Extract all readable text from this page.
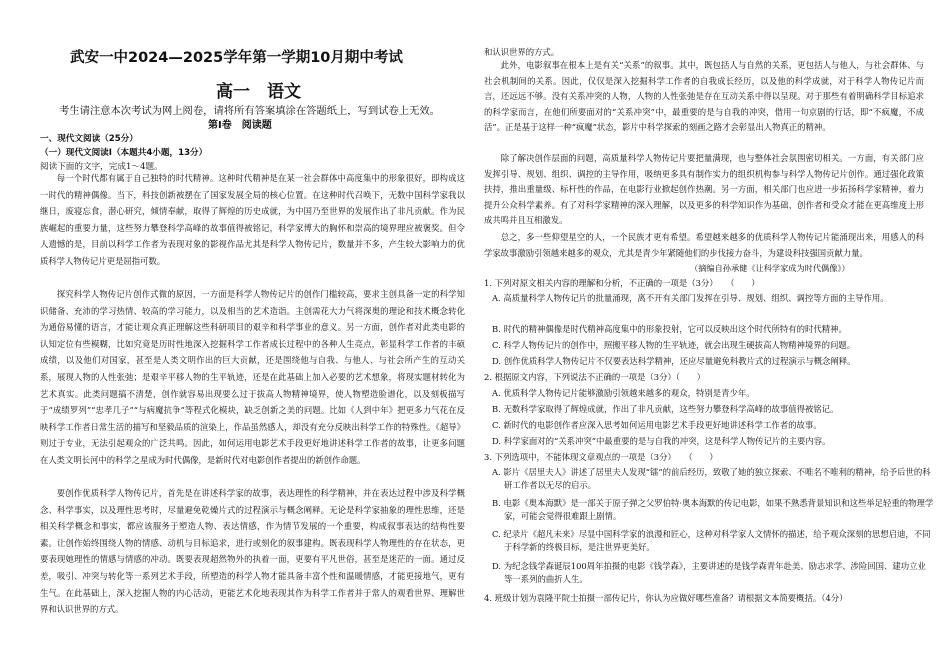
武安一中2024—2025学年第一学期10月期中考试
高一　语文
考生请注意本次考试为网上阅卷，请将所有答案填涂在答题纸上，写到试卷上无效。
第Ⅰ卷　阅读题
一、现代文阅读（25分）
（一）现代文阅读Ⅰ（本题共4小题，13分）
阅读下面的文字，完成1～4题。

每一个时代都有属于自己独特的时代精神。这种时代精神是在某一社会群体中高度集中的形象很好，即构成这一时代的精神偶像。当下，科技创新被摆在了国家发展全局的核心位置。在这种时代召唤下，无数中国科学家我以继日，废寝忘食，潜心研究，倾情奉献，取得了辉煌的历史成就，为中国乃至世界的发展作出了非凡贡献。作为民族崛起的重要力量，这些努力攀登科学高峰的故事值得被铭记，科学家博大的胸怀和崇高的境界理应被褒奖。但令人遗憾的是，目前以科学工作者为表现对象的影视作品尤其是科学人物传记片，数量并不多，产生较大影响力的优质科学人物传记片更是屈指可数。

探究科学人物传记片创作式微的原因，一方面是科学人物传记片的创作门槛较高，要求主创具备一定的科学知识储备、充沛的学习热情、较高的学习能力，以及相当的艺术造诣。主创需花大力气将深奥的理论和技术概念转化为通俗易懂的语言，才能让观众真正理解这些科研项目的艰辛和科学事业的意义。另一方面，创作者对此类电影的认知定位有些模糊，比如究竟是历时性地深入挖掘科学工作者成长过程中的各种人生亮点，彰显科学工作者的丰硕成绩，以及他们对国家，甚至是人类文明作出的巨大贡献，还是围绕他与自我、与他人、与社会所产生的互动关系，展现人物的人性张弛；是艰辛平移人物的生平轨迹，还是在此基础上加入必要的艺术想象，将现实题材转化为艺术真实。此类问题搞不清楚，创作就容易出现要么过于拔高人物精神境界，使人物塑造脸谱化，以及刻板描写于“成绩罗列”“忠孝几子”“与病魔抗争”等程式化模块，缺乏创新之美的问题。比如《人到中年》把更多力气花在反映科学工作者日常生活的描写和坚毅品质的渲染上，作品虽然感人，却没有充分反映出科学工作的特殊性。《超导》则过于专业，无法引起观众的广泛共鸣。因此，如何运用电影艺术手段更好地讲述科学工作者的故事，让更多问题在人类文明长河中的科学之星成为时代偶像，是新时代对电影创作者提出的新创作命题。

要创作优质科学人物传记片，首先是在讲述科学家的故事，表达理性的科学精神，并在表达过程中涉及科学概念、科学事实，以及理性思考时，尽量避免乾燥片式的过程演示与概念阐释。无论是科学家抽象的理性思维，还是相关科学概念和事实，都应该服务于塑造人物、表达情感，作为情节发展的一个重要，构成叙事表达的结构性要素。让创作始终围绕人物的情感、动机与目标追求，进行或刻化的叙事建构。既表现科学人物理性的存在状态，更要表现她理性的情感与情感的冲动。既要表现超然物外的执着一面，更要有平凡世俗，甚至是迷茫的一面。通过反差，吸引、冲突与转化等一系列艺术手段，所塑造的科学人物才能具备丰富个性和温暖情感，才能更接地气，更有生气。在此基础上，深入挖掘人物的内心活动，更能艺术化地表现其作为科学工作者并于常人的观看世界、理解世界和认识世界的方式。

和认识世界的方式。

此外，电影叙事在根本上是有关“关系”的叙事。其中，既包括人与自然的关系，更包括人与他人，与社会群体、与社会机制间的关系。因此，仅仅是深入挖掘科学工作者的自我成长经历，以及他的科学成就，对于科学人物传记片而言，还远远不够。没有关系冲突的人物，人物的人性张弛是存在互动关系中得以呈现。对于那些有着明确科学目标追求的科学家而言，在他们所要面对的“关系冲突”中，最重要的是与自我的冲突，借用一句京剧的行话，即“不疯魔，不成活”。正是基于这样一种“疯魔”状态，影片中科学探索的刻画之路才会彰显出人物真正的精神。

除了解决创作层面的问题，高质量科学人物传记片要把量满现，也与整体社会氛围密切相关。一方面，有关部门应发挥引导、规划、组织、调控的主导作用，吸纳更多具有制作实力的组织机构参与科学人物传记片创作。通过强化政策扶持，推出重量级、标杆性的作品，在电影行业掀起创作热潮。另一方面，相关部门也应进一步拓扬科学家精神，着力提升公众科学素养。有了对科学家精神的深入理解，以及更多的科学知识作为基础，创作者和受众才能在更高维度上形成共鸣并且互相激发。

总之，多一些仰望星空的人，一个民族才更有希望。希望越来越多的优质科学人物传记片能涌现出来，用感人的科学家故事激励引领越来越多的观众，尤其是青少年紧随他们的步伐接力奋斗，为建设科技强国贡献力量。

（摘编自孙承健《让科学家成为时代偶像》）
1. 下列对原文相关内容的理解和分析，不正确的一项是（3分）　　（　　）
A. 高质量科学人物传记片的批量涌现，离不开有关部门发挥在引导、规划、组织、调控等方面的主导作用。
B. 时代的精神偶像是时代精神高度集中的形象投射，它可以反映出这个时代所特有的时代精神。
C. 科学人物传记片的创作中，照搬平移人物的生平轨迹，就会出现生硬拔高人物精神境界的问题。
D. 创作优质科学人物传记片不仅要表达科学精神，还应尽量避免科教片式的过程演示与概念阐释。
2. 根据原文内容，下列说法不正确的一项是（3分）（　　）
A. 优质科学人物传记片能够激励引领越来越多的观众，特别是青少年。
B. 无数科学家取得了辉煌成就，作出了非凡贡献，这些努力攀登科学高峰的故事值得被铭记。
C. 新时代的电影创作者应深入思考如何运用电影艺术手段更好地讲述科学工作者的故事。
D. 科学家面对的“关系冲突”中最重要的是与自我的冲突，这是科学人物传记片的主要内容。
3. 下列选项中，不能体现文章观点的一项是（3分）　　（　　）
A. 影片《居里夫人》讲述了居里夫人发现“镭”的前后经历，致敬了她的独立探索、不唯名不唯利的精神，给予后世的科研工作者以无尽的启示。
B. 电影《奥本海默》是一部关于原子弹之父罗伯特·奥本海默的传记电影，如果不熟悉背景知识和这些举足轻重的物理学家，可能会觉得很难跟上剧情。
C. 纪录片《超凡未来》尽显中国科学家的浪漫和匠心，这种对科学家人文情怀的描述，给予观众深刻的思想启迪，不同于科学新的终极目标，是注世界更美好。
D. 为纪念钱学森诞辰100周年拍摄的电影《钱学森》，主要讲述的是钱学森青年赴美、励志求学、涉险回国、建功立业等一系列的曲折人生。
4. 班级计划为袁隆平院士拍摄一部传记片，你认为应做好哪些准备？请根据文本简要概括。（4分）
